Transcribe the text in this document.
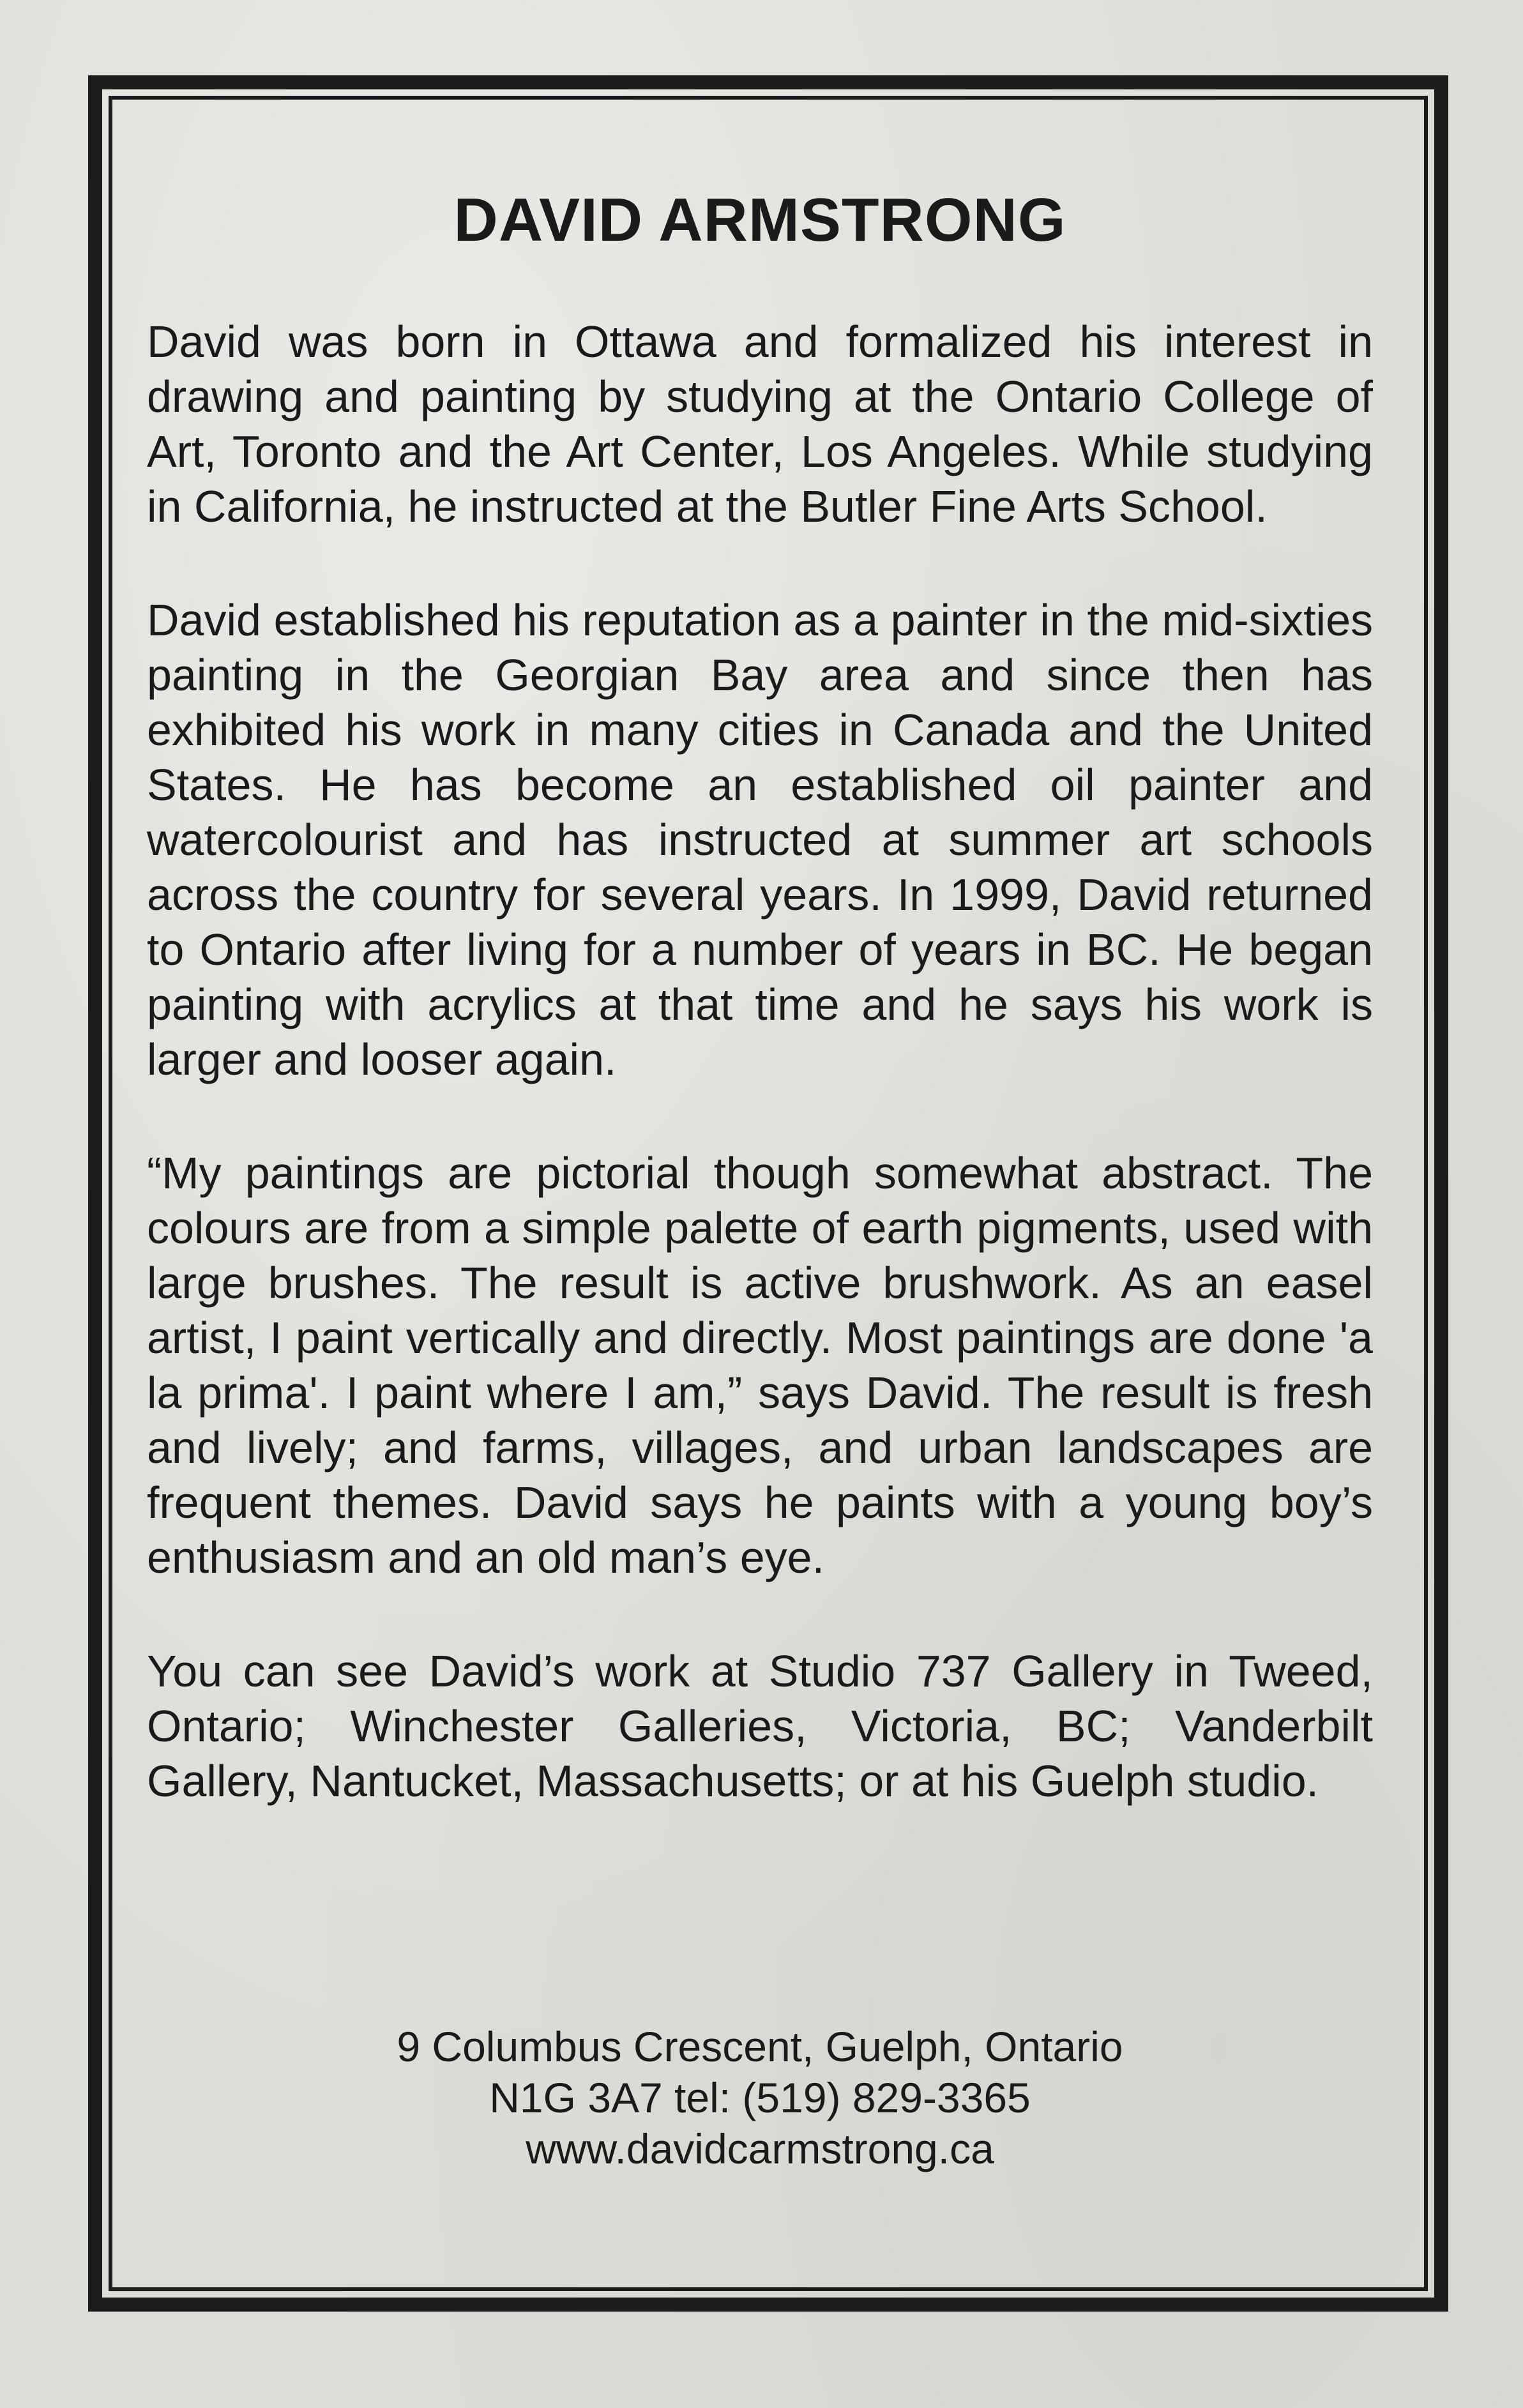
DAVID ARMSTRONG

David was born in Ottawa and formalized his interest in drawing and painting by studying at the Ontario College of Art, Toronto and the Art Center, Los Angeles. While studying in California, he instructed at the Butler Fine Arts School.

David established his reputation as a painter in the mid-sixties painting in the Georgian Bay area and since then has exhibited his work in many cities in Canada and the United States. He has become an established oil painter and watercolourist and has instructed at summer art schools across the country for several years. In 1999, David returned to Ontario after living for a number of years in BC. He began painting with acrylics at that time and he says his work is larger and looser again.

“My paintings are pictorial though somewhat abstract. The colours are from a simple palette of earth pigments, used with large brushes. The result is active brushwork. As an easel artist, I paint vertically and directly. Most paintings are done 'a la prima'. I paint where I am,” says David. The result is fresh and lively; and farms, villages, and urban landscapes are frequent themes. David says he paints with a young boy’s enthusiasm and an old man’s eye.

You can see David’s work at Studio 737 Gallery in Tweed, Ontario; Winchester Galleries, Victoria, BC; Vanderbilt Gallery, Nantucket, Massachusetts; or at his Guelph studio.

9 Columbus Crescent, Guelph, Ontario
N1G 3A7 tel: (519) 829-3365
www.davidcarmstrong.ca
